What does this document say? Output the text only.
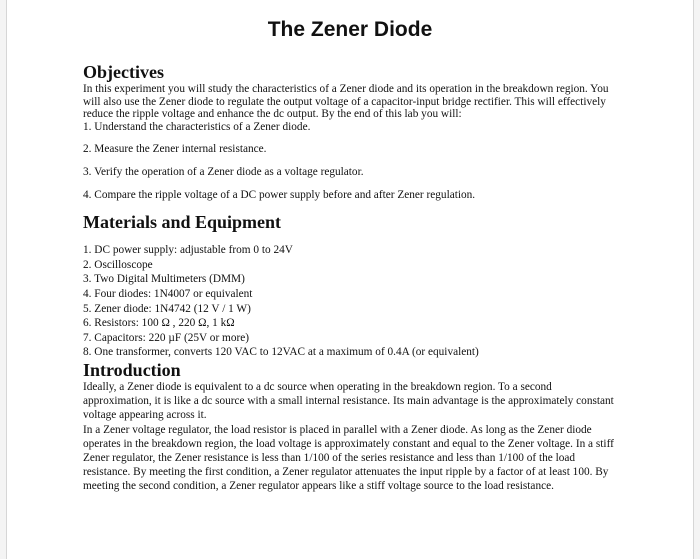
The Zener Diode
Objectives

In this experiment you will study the characteristics of a Zener diode and its operation in the breakdown region. You will also use the Zener diode to regulate the output voltage of a capacitor-input bridge rectifier. This will effectively reduce the ripple voltage and enhance the dc output. By the end of this lab you will:

1. Understand the characteristics of a Zener diode.
2. Measure the Zener internal resistance.
3. Verify the operation of a Zener diode as a voltage regulator.
4. Compare the ripple voltage of a DC power supply before and after Zener regulation.
Materials and Equipment
1. DC power supply: adjustable from 0 to 24V
2. Oscilloscope
3. Two Digital Multimeters (DMM)
4. Four diodes: 1N4007 or equivalent
5. Zener diode: 1N4742 (12 V / 1 W)
6. Resistors: 100 Ω , 220 Ω, 1 kΩ
7. Capacitors: 220 µF (25V or more)
8. One transformer, converts 120 VAC to 12VAC at a maximum of 0.4A (or equivalent)
Introduction

Ideally, a Zener diode is equivalent to a dc source when operating in the breakdown region. To a second approximation, it is like a dc source with a small internal resistance. Its main advantage is the approximately constant voltage appearing across it.

In a Zener voltage regulator, the load resistor is placed in parallel with a Zener diode. As long as the Zener diode operates in the breakdown region, the load voltage is approximately constant and equal to the Zener voltage. In a stiff Zener regulator, the Zener resistance is less than 1/100 of the series resistance and less than 1/100 of the load resistance. By meeting the first condition, a Zener regulator attenuates the input ripple by a factor of at least 100. By meeting the second condition, a Zener regulator appears like a stiff voltage source to the load resistance.
